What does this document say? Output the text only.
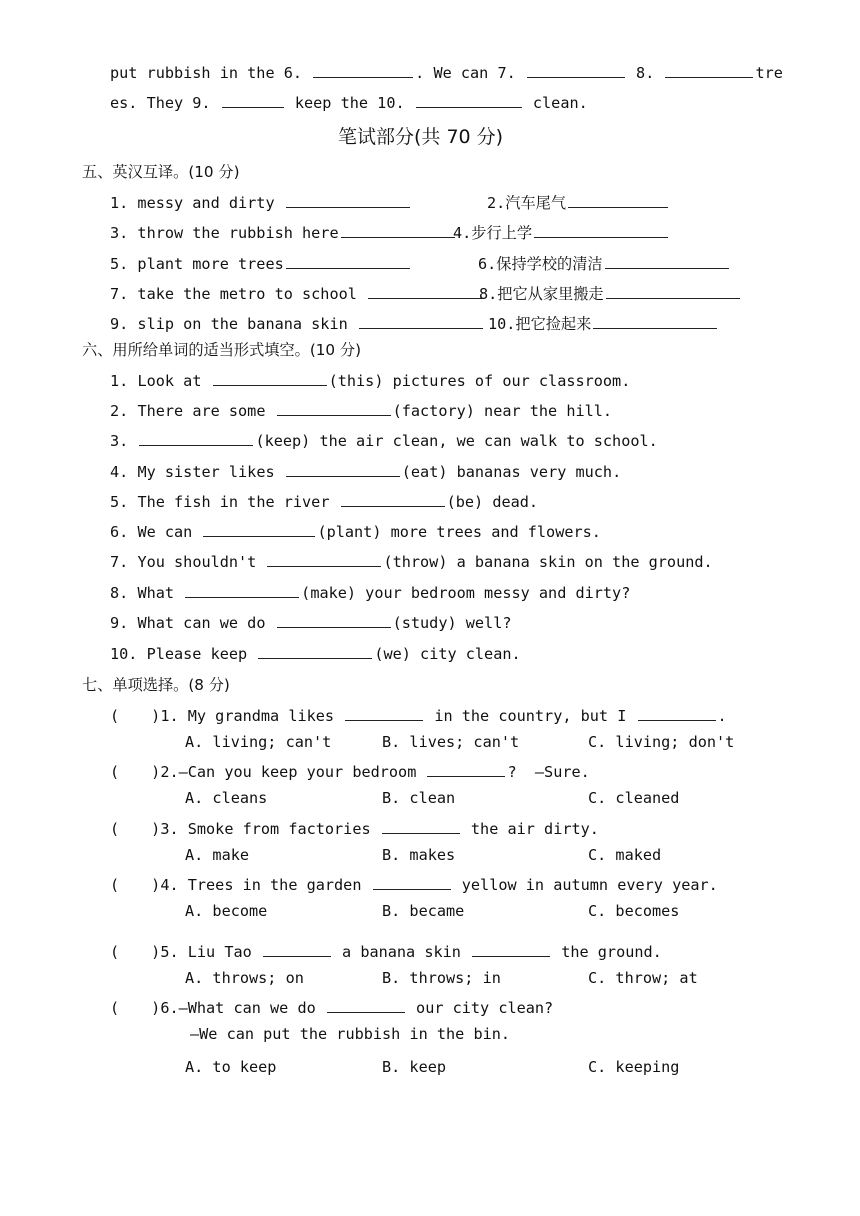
put rubbish in the 6.	. We can 7.	8.	tre
es. They 9.	keep the 10.	clean.
笔试部分(共 70 分)
五、英汉互译。(10 分)
1. messy and dirty	2.汽车尾气
3. throw the rubbish here	4.步行上学
5. plant more trees	6.保持学校的清洁
7. take the metro to school	8.把它从家里搬走
9. slip on the banana skin	10.把它捡起来
六、用所给单词的适当形式填空。(10 分)
1. Look at	(this) pictures of our classroom.
2. There are some	(factory) near the hill.
3.	(keep) the air clean, we can walk to school.
4. My sister likes	(eat) bananas very much.
5. The fish in the river	(be) dead.
6. We can	(plant) more trees and flowers.
7. You shouldn't	(throw) a banana skin on the ground.
8. What	(make) your bedroom messy and dirty?
9. What can we do	(study) well?
10. Please keep	(we) city clean.
七、单项选择。(8 分)
( )1. My grandma likes	in the country, but I	.
A. living; can't	B. lives; can't	C. living; don't
( )2.—Can you keep your bedroom	?  —Sure.
A. cleans	B. clean	C. cleaned
( )3. Smoke from factories	the air dirty.
A. make	B. makes	C. maked
( )4. Trees in the garden	yellow in autumn every year.
A. become	B. became	C. becomes
( )5. Liu Tao	a banana skin	the ground.
A. throws; on	B. throws; in	C. throw; at
( )6.—What can we do	our city clean?
—We can put the rubbish in the bin.
A. to keep	B. keep	C. keeping
